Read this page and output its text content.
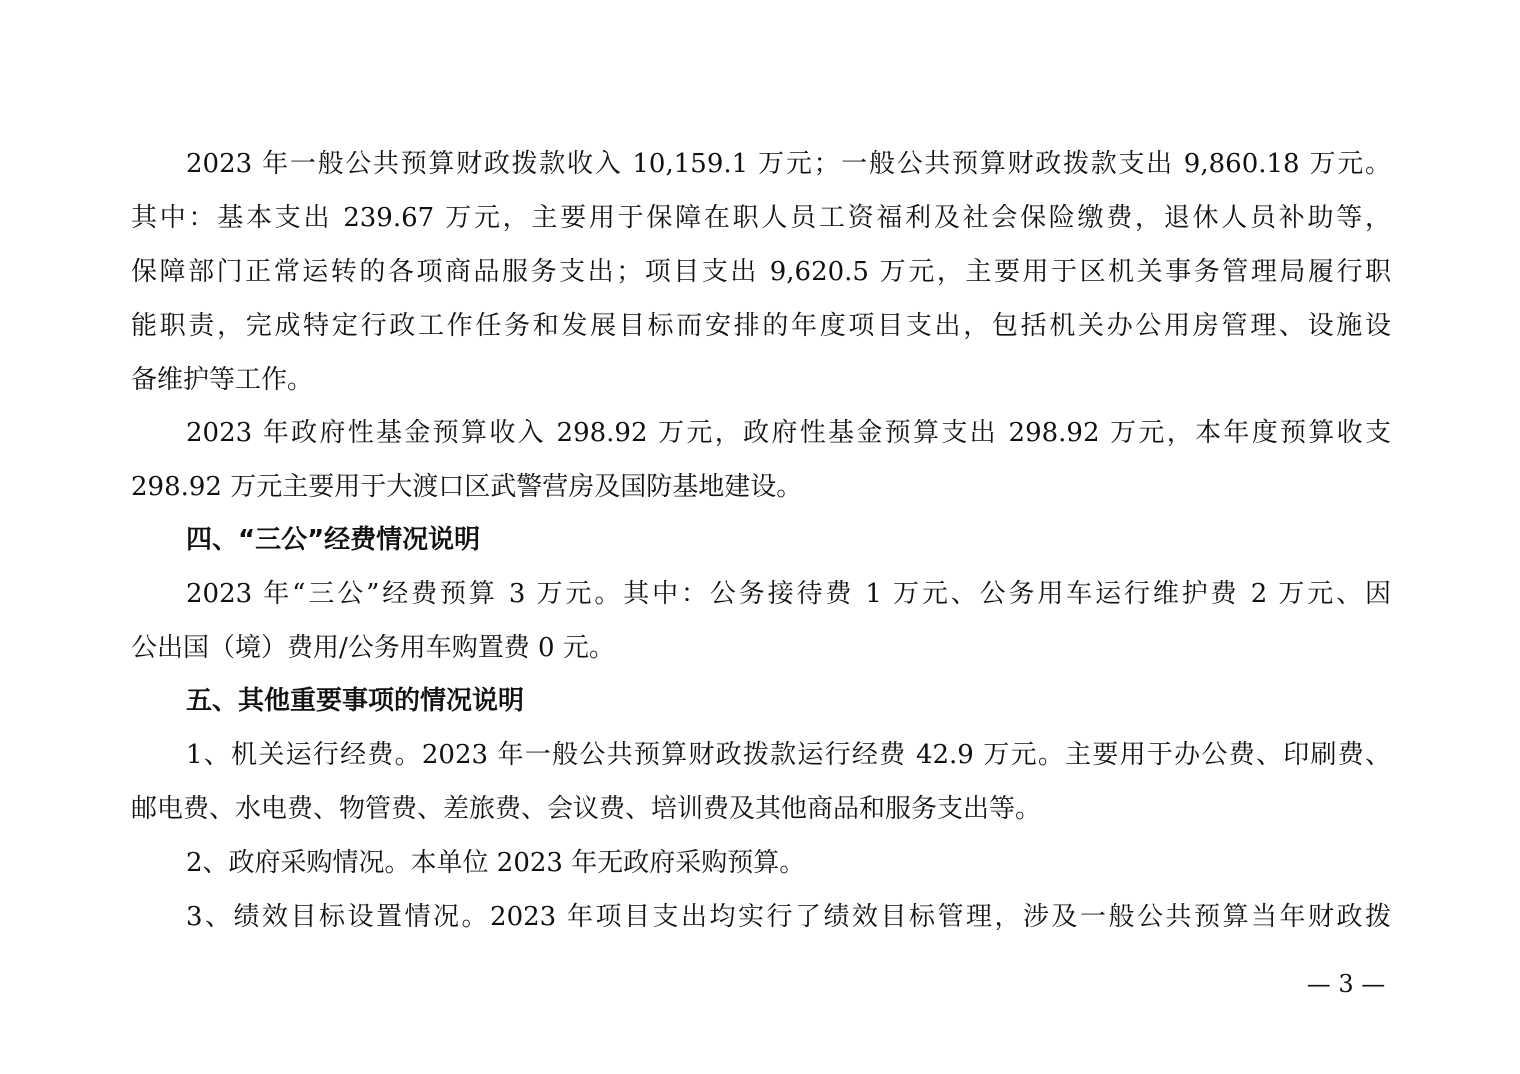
2023 年一般公共预算财政拨款收入 10,159.1 万元；一般公共预算财政拨款支出 9,860.18 万元。
其中：基本支出 239.67 万元，主要用于保障在职人员工资福利及社会保险缴费，退休人员补助等，
保障部门正常运转的各项商品服务支出；项目支出 9,620.5 万元，主要用于区机关事务管理局履行职
能职责，完成特定行政工作任务和发展目标而安排的年度项目支出，包括机关办公用房管理、设施设
备维护等工作。
2023 年政府性基金预算收入 298.92 万元，政府性基金预算支出 298.92 万元，本年度预算收支
298.92 万元主要用于大渡口区武警营房及国防基地建设。
四、“三公”经费情况说明
2023 年“三公”经费预算 3 万元。其中：公务接待费 1 万元、公务用车运行维护费 2 万元、因
公出国（境）费用/公务用车购置费 0 元。
五、其他重要事项的情况说明
1、机关运行经费。2023 年一般公共预算财政拨款运行经费 42.9 万元。主要用于办公费、印刷费、
邮电费、水电费、物管费、差旅费、会议费、培训费及其他商品和服务支出等。
2、政府采购情况。本单位 2023 年无政府采购预算。
3、绩效目标设置情况。2023 年项目支出均实行了绩效目标管理，涉及一般公共预算当年财政拨
— 3 —
